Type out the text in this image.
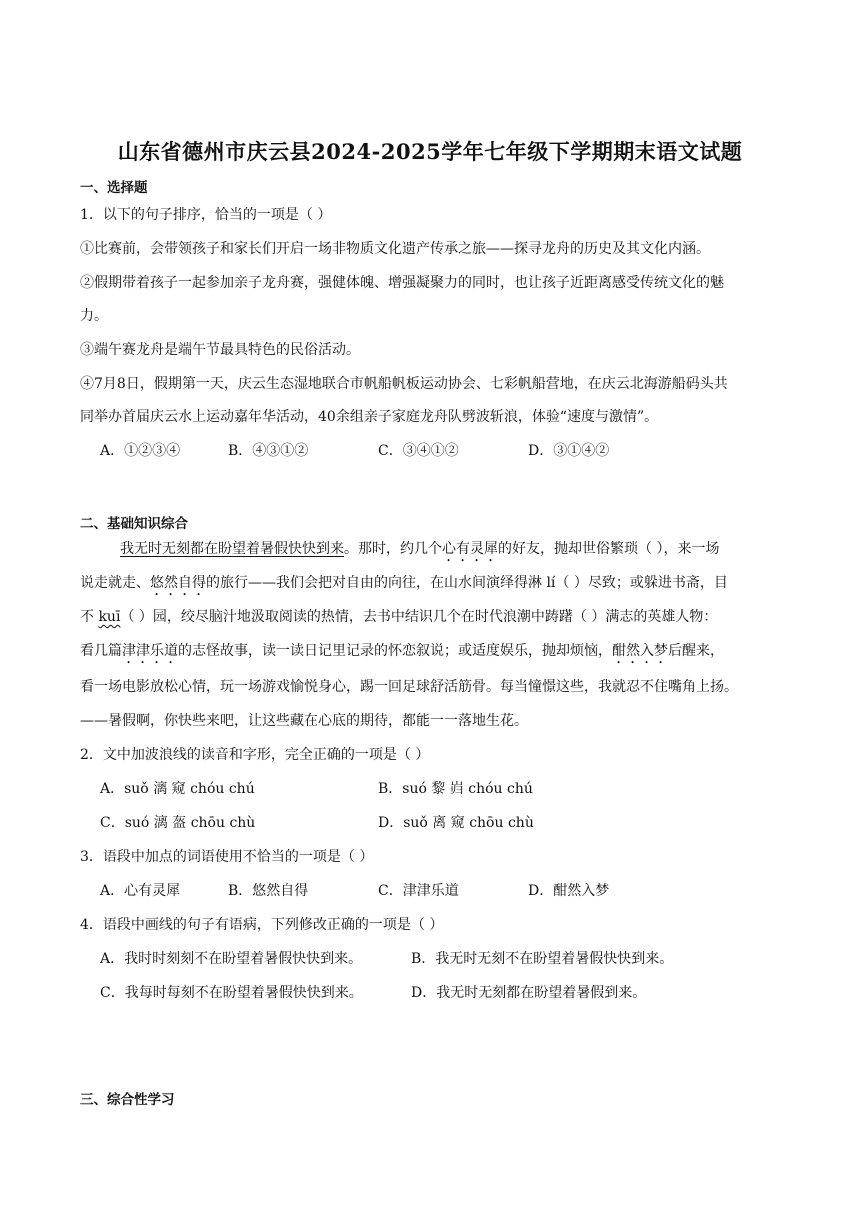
山东省德州市庆云县2024-2025学年七年级下学期期末语文试题
一、选择题
1．以下的句子排序，恰当的一项是（ ）
①比赛前，会带领孩子和家长们开启一场非物质文化遗产传承之旅——探寻龙舟的历史及其文化内涵。
②假期带着孩子一起参加亲子龙舟赛，强健体魄、增强凝聚力的同时，也让孩子近距离感受传统文化的魅
力。
③端午赛龙舟是端午节最具特色的民俗活动。
④7月8日，假期第一天，庆云生态湿地联合市帆船帆板运动协会、七彩帆船营地，在庆云北海游船码头共
同举办首届庆云水上运动嘉年华活动，40余组亲子家庭龙舟队劈波斩浪，体验“速度与激情”。
A．①②③④	B．④③①②	C．③④①②	D．③①④②
二、基础知识综合
我无时无刻都在盼望着暑假快快到来。那时，约几个心有灵犀的好友，抛却世俗繁琐（ ），来一场
说走就走、悠然自得的旅行——我们会把对自由的向往，在山水间演绎得淋 lí（ ）尽致；或躲进书斋，目
不 kuī（ ）园，绞尽脑汁地汲取阅读的热情，去书中结识几个在时代浪潮中踌躇（ ）满志的英雄人物：
看几篇津津乐道的志怪故事，读一读日记里记录的怀恋叙说；或适度娱乐，抛却烦恼，酣然入梦后醒来，
看一场电影放松心情，玩一场游戏愉悦身心，踢一回足球舒活筋骨。每当憧憬这些，我就忍不住嘴角上扬。
——暑假啊，你快些来吧，让这些藏在心底的期待，都能一一落地生花。
2．文中加波浪线的读音和字形，完全正确的一项是（ ）
A．suǒ 漓 窥 chóu chú	B．suó 黎 岿 chóu chú
C．suó 漓 盔 chōu chù	D．suǒ 离 窥 chōu chù
3．语段中加点的词语使用不恰当的一项是（ ）
A．心有灵犀	B．悠然自得	C．津津乐道	D．酣然入梦
4．语段中画线的句子有语病，下列修改正确的一项是（ ）
A．我时时刻刻不在盼望着暑假快快到来。	B．我无时无刻不在盼望着暑假快快到来。
C．我每时每刻不在盼望着暑假快快到来。	D．我无时无刻都在盼望着暑假到来。
三、综合性学习
